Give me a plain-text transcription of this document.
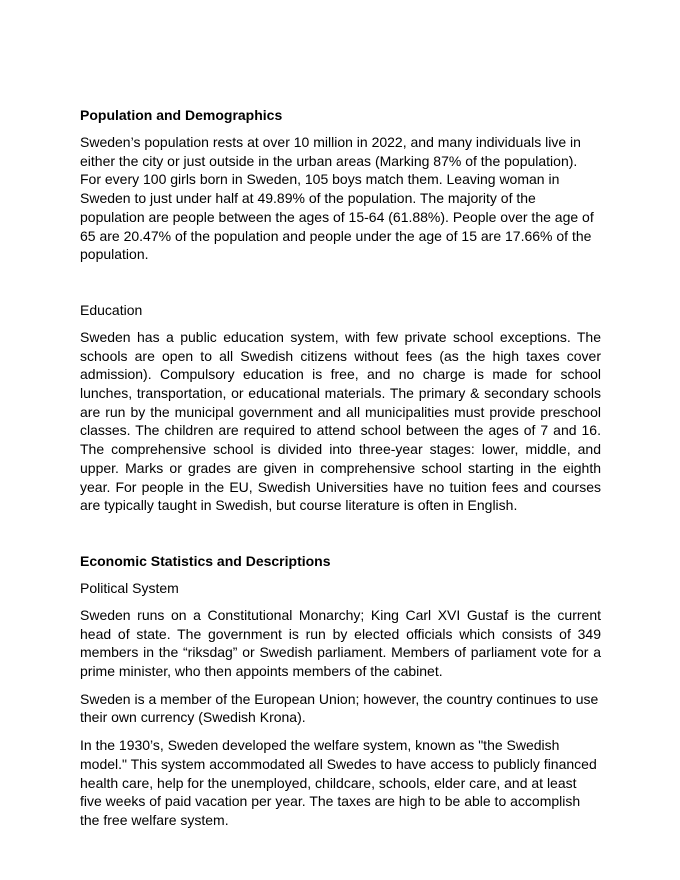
Population and Demographics

Sweden’s population rests at over 10 million in 2022, and many individuals live in either the city or just outside in the urban areas (Marking 87% of the population). For every 100 girls born in Sweden, 105 boys match them. Leaving woman in Sweden to just under half at 49.89% of the population. The majority of the population are people between the ages of 15-64 (61.88%). People over the age of 65 are 20.47% of the population and people under the age of 15 are 17.66% of the population.

Education

Sweden has a public education system, with few private school exceptions. The schools are open to all Swedish citizens without fees (as the high taxes cover admission). Compulsory education is free, and no charge is made for school lunches, transportation, or educational materials. The primary & secondary schools are run by the municipal government and all municipalities must provide preschool classes. The children are required to attend school between the ages of 7 and 16. The comprehensive school is divided into three-year stages: lower, middle, and upper. Marks or grades are given in comprehensive school starting in the eighth year. For people in the EU, Swedish Universities have no tuition fees and courses are typically taught in Swedish, but course literature is often in English.

Economic Statistics and Descriptions

Political System

Sweden runs on a Constitutional Monarchy; King Carl XVI Gustaf is the current head of state. The government is run by elected officials which consists of 349 members in the “riksdag” or Swedish parliament. Members of parliament vote for a prime minister, who then appoints members of the cabinet.

Sweden is a member of the European Union; however, the country continues to use their own currency (Swedish Krona).

In the 1930’s, Sweden developed the welfare system, known as "the Swedish model." This system accommodated all Swedes to have access to publicly financed health care, help for the unemployed, childcare, schools, elder care, and at least five weeks of paid vacation per year. The taxes are high to be able to accomplish the free welfare system.
